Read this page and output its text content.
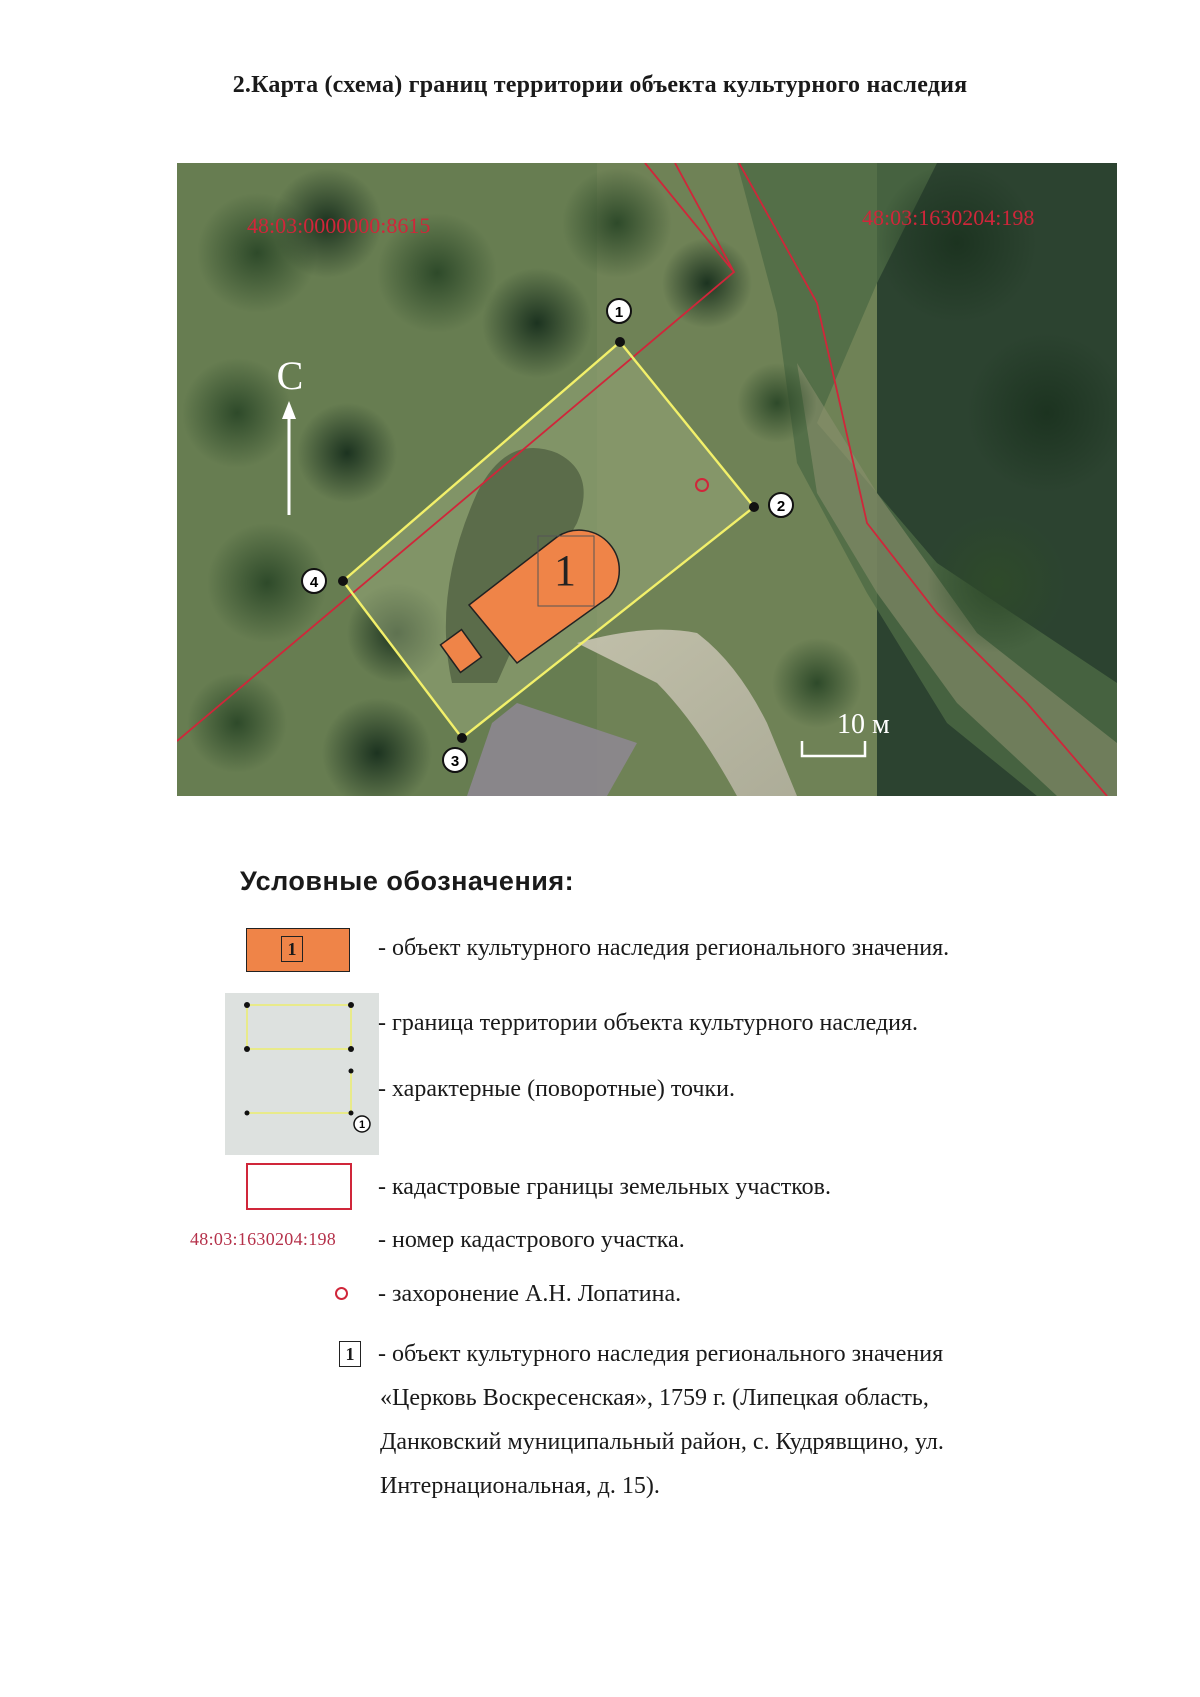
2.Карта (схема) границ территории объекта культурного наследия
1
1
2
3
4
48:03:0000000:8615	48:03:1630204:198
С
10 м
Условные обозначения:
1	- объект культурного наследия регионального значения.
1
- граница территории объекта культурного наследия.
- характерные (поворотные) точки.
- кадастровые границы земельных участков.
48:03:1630204:198 - номер кадастрового участка.
- захоронение А.Н. Лопатина.
1 - объект культурного наследия регионального значения
«Церковь Воскресенская», 1759 г. (Липецкая область,
Данковский муниципальный район, с. Кудрявщино, ул.
Интернациональная, д. 15).
